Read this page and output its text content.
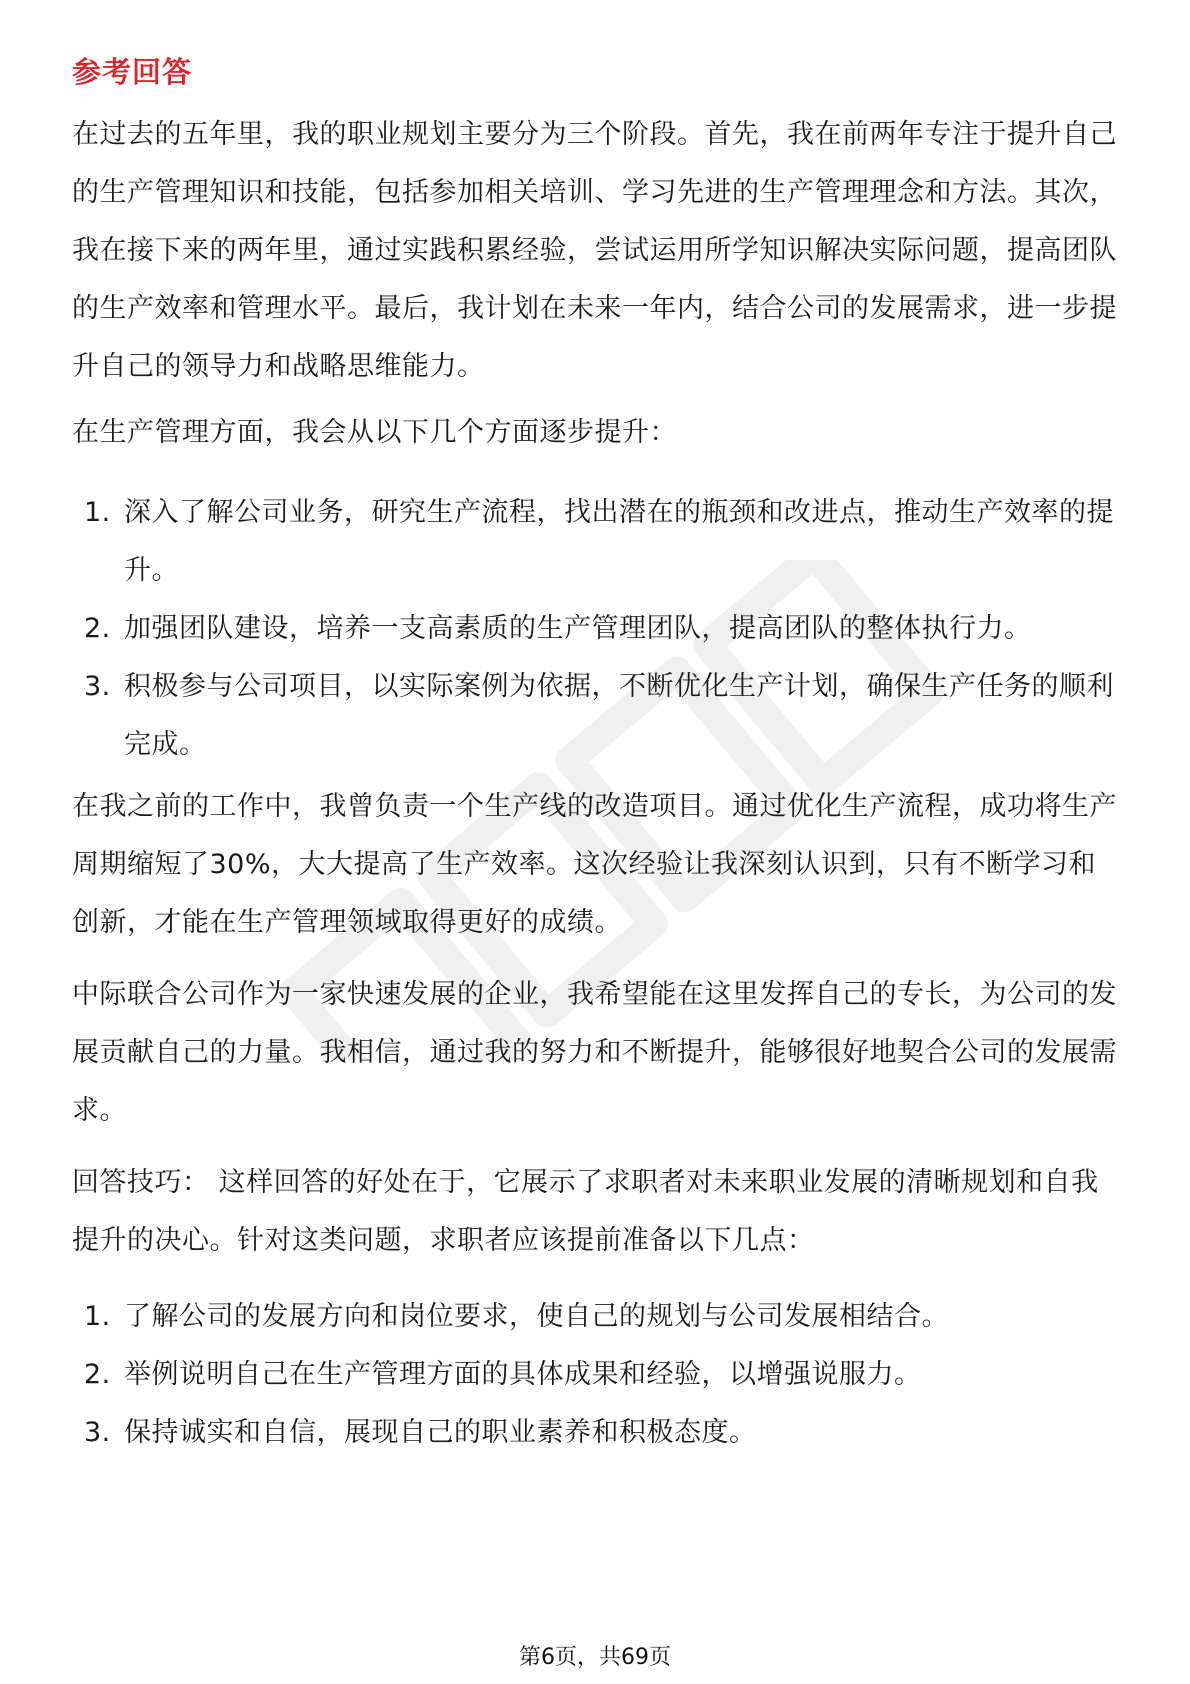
参考回答

在过去的五年里，我的职业规划主要分为三个阶段。首先，我在前两年专注于提升自己的生产管理知识和技能，包括参加相关培训、学习先进的生产管理理念和方法。其次，我在接下来的两年里，通过实践积累经验，尝试运用所学知识解决实际问题，提高团队的生产效率和管理水平。最后，我计划在未来一年内，结合公司的发展需求，进一步提升自己的领导力和战略思维能力。

在生产管理方面，我会从以下几个方面逐步提升：

1. 深入了解公司业务，研究生产流程，找出潜在的瓶颈和改进点，推动生产效率的提升。
2. 加强团队建设，培养一支高素质的生产管理团队，提高团队的整体执行力。
3. 积极参与公司项目，以实际案例为依据，不断优化生产计划，确保生产任务的顺利完成。

在我之前的工作中，我曾负责一个生产线的改造项目。通过优化生产流程，成功将生产周期缩短了30%，大大提高了生产效率。这次经验让我深刻认识到，只有不断学习和创新，才能在生产管理领域取得更好的成绩。

中际联合公司作为一家快速发展的企业，我希望能在这里发挥自己的专长，为公司的发展贡献自己的力量。我相信，通过我的努力和不断提升，能够很好地契合公司的发展需求。

回答技巧： 这样回答的好处在于，它展示了求职者对未来职业发展的清晰规划和自我提升的决心。针对这类问题，求职者应该提前准备以下几点：

1. 了解公司的发展方向和岗位要求，使自己的规划与公司发展相结合。
2. 举例说明自己在生产管理方面的具体成果和经验，以增强说服力。
3. 保持诚实和自信，展现自己的职业素养和积极态度。
第6页，共69页
